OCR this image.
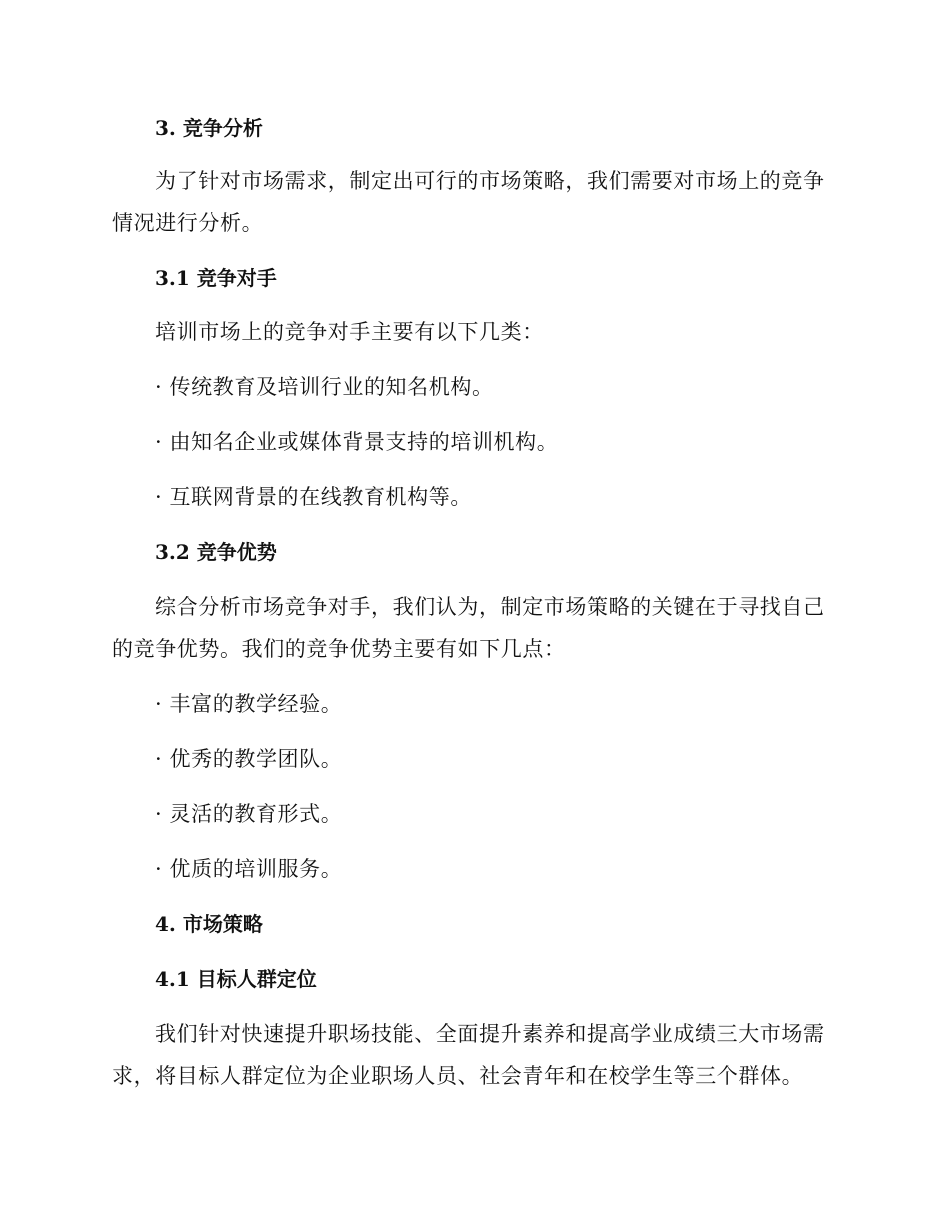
3. 竞争分析
为了针对市场需求，制定出可行的市场策略，我们需要对市场上的竞争
情况进行分析。
3.1 竞争对手
培训市场上的竞争对手主要有以下几类：
· 传统教育及培训行业的知名机构。
· 由知名企业或媒体背景支持的培训机构。
· 互联网背景的在线教育机构等。
3.2 竞争优势
综合分析市场竞争对手，我们认为，制定市场策略的关键在于寻找自己
的竞争优势。我们的竞争优势主要有如下几点：
· 丰富的教学经验。
· 优秀的教学团队。
· 灵活的教育形式。
· 优质的培训服务。
4. 市场策略
4.1 目标人群定位
我们针对快速提升职场技能、全面提升素养和提高学业成绩三大市场需
求，将目标人群定位为企业职场人员、社会青年和在校学生等三个群体。
